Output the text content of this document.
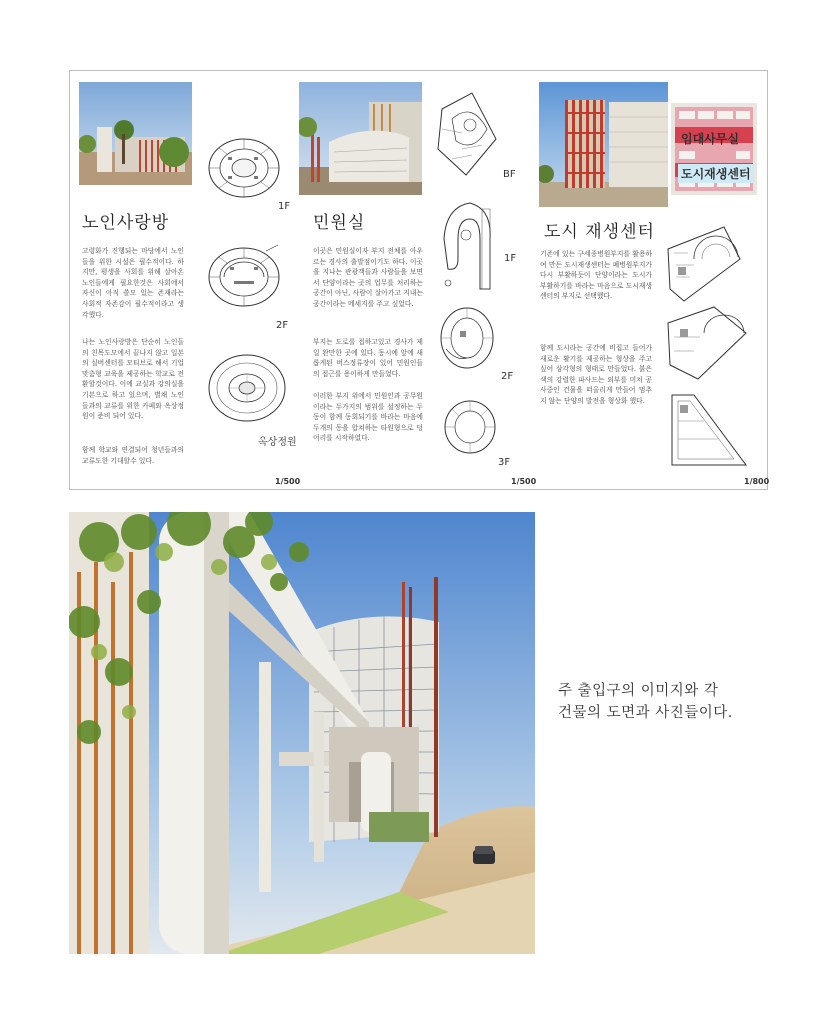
1F
2F
옥상정원
노인사랑방

고령화가 진행되는 마당에서 노인들을 위한 시설은 필수적이다. 하지만, 평생을 사회를 위해 살아온 노인들에게 필요한것은 사회에서 자신이 아직 쓸모 있는 존재라는 사회적 자존감이 필수적이라고 생각했다.

나는 노인사랑방은 단순히 노인들의 친목도모에서 끝나지 않고 일본의 실버센터를 모티브로 해서 기업맞춤형 교육을 제공하는 학교로 전환할것이다. 이에 교실과 강의실을 기본으로 하고 있으며, 별채 노인들과의 교류를 위한 카페와 옥상정원이 준비 되어 있다.

함께 학교와 연결되어 청년들과의 교류도한 기대할수 있다.

1/500
BF
1F
2F
3F
민원실

이곳은 민원실이자 부지 전체를 아우르는 경사의 출발점이기도 하다. 이곳을 지나는 관광객들과 사람들을 보면서 단양이라는 곳의 업무를 처리하는 공간이 아닌, 사람이 살아가고 지내는 공간이라는 메세지를 주고 싶었다.

부지는 도로를 접하고있고 경사가 제일 완만한 곳에 있다. 동시에 앞에 새롭게된 버스정류장이 있어 민원인들의 접근를 용이하게 만들었다.

이러한 부지 위에서 민원인과 공무원이라는 두가지의 범위를 설정하는 두 동이 함께 동회되기를 바라는 마음에 두개의 동을 합쳐하는 타원형으로 덩어리를 시작하였다.

1/500
임대사무실
도시재생센터
도시 재생센터

기존에 있는 구세종병원부지를 활용하여 만든 도시재생센터는 폐병원부지가 다시 부활하듯이 단양이라는 도시가 부활하기를 바라는 마음으로 도시재생센터의 부지로 선택했다.

함께 도시라는 공간에 비집고 들어가 새로운 활기를 제공하는 형상을 주고 싶어 삼각형의 형태로 만들었다. 붉은색의 강렬한 파사드는 외부를 미처 공사중인 건물을 떠올리게 만들어 멈추지 않는 단양의 발전을 형상화 했다.

1/800

주 출입구의 이미지와 각
건물의 도면과 사진들이다.
